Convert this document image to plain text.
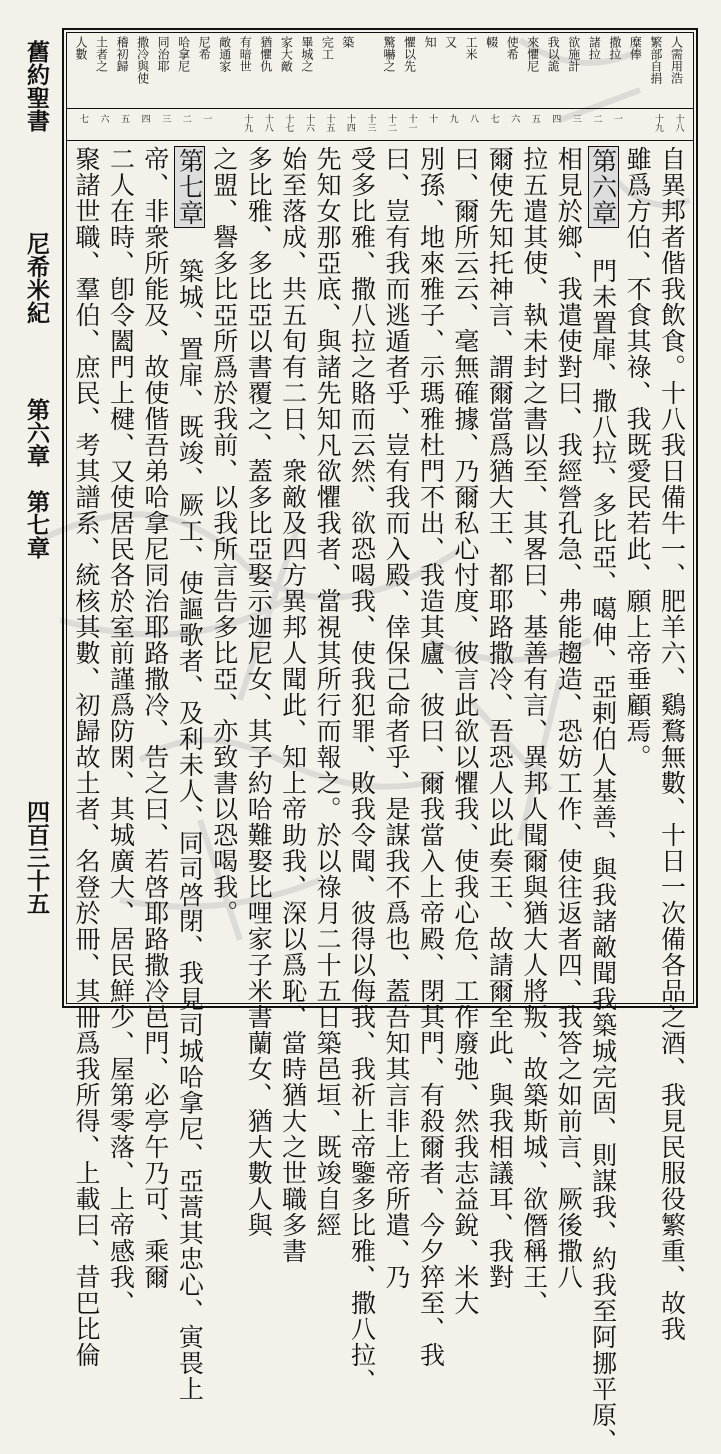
舊約聖書
尼希米紀
第六章　第七章
四百三十五
人需用浩
十八
繁部自捐
十九
糜俸
撒拉
一
諸拉
二
欲施計
三
我以詭
四
來懼尼
五
使希
六
輟
七
工米
八
又
九
知
十
懼以先
十一
驚嚇之
十二
十三
築
十四
完工
十五
畢城之
十六
家大敵
十七
猶懼仇
十八
有暗世
十九
敵通家
尼希
一
哈拿尼
二
同治耶
三
撒冷與使
四
稽初歸
五
土者之
六
人數
七
自異邦者偕我飲食。十八我日備牛一、肥羊六、鷄鶩無數、十日一次備各品之酒、我見民服役繁重、故我
雖爲方伯、不食其祿、我既愛民若此、願上帝垂顧焉。
第六章 門未置扉、撒八拉、多比亞、噶伸、亞剌伯人基善、與我諸敵聞我築城完固、則謀我、約我至阿挪平原、
相見於鄉、我遣使對曰、我經營孔急、弗能趨造、恐妨工作、使往返者四、我答之如前言、厥後撒八
拉五遣其使、執未封之書以至、其畧曰、基善有言、異邦人聞爾與猶大人將叛、故築斯城、欲僭稱王、
爾使先知托神言、謂爾當爲猶大王、都耶路撒冷、吾恐人以此奏王、故請爾至此、與我相議耳、我對
曰、爾所云云、毫無確據、乃爾私心忖度、彼言此欲以懼我、使我心危、工作廢弛、然我志益銳、米大
別孫、地來雅子、示瑪雅杜門不出、我造其廬、彼曰、爾我當入上帝殿、閉其門、有殺爾者、今夕猝至、我
曰、豈有我而逃遁者乎、豈有我而入殿、倖保己命者乎、是謀我不爲也、蓋吾知其言非上帝所遣、乃
受多比雅、撒八拉之賂而云然、欲恐喝我、使我犯罪、敗我令聞、彼得以侮我、我祈上帝鑒多比雅、撒八拉、
先知女那亞底、與諸先知凡欲懼我者、當視其所行而報之。於以祿月二十五日築邑垣、既竣自經
始至落成、共五旬有二日、衆敵及四方異邦人聞此、知上帝助我、深以爲恥、當時猶大之世職多書
多比雅、多比亞以書覆之、蓋多比亞娶示迦尼女、其子約哈難娶比哩家子米書蘭女、猶大數人與
之盟、譽多比亞所爲於我前、以我所言告多比亞、亦致書以恐喝我。
第七章 築城、置扉、既竣、厥工、使謳歌者、及利未人、同司啓閉、我見司城哈拿尼、亞蒿其忠心、寅畏上
帝、非衆所能及、故使偕吾弟哈拿尼同治耶路撒冷、告之曰、若啓耶路撒冷邑門、必亭午乃可、乘爾
二人在時、卽令闔門上楗、又使居民各於室前謹爲防閑、其城廣大、居民鮮少、屋第零落、上帝感我、
聚諸世職、羣伯、庶民、考其譜系、統核其數、初歸故土者、名登於冊、其冊爲我所得、上載曰、昔巴比倫
